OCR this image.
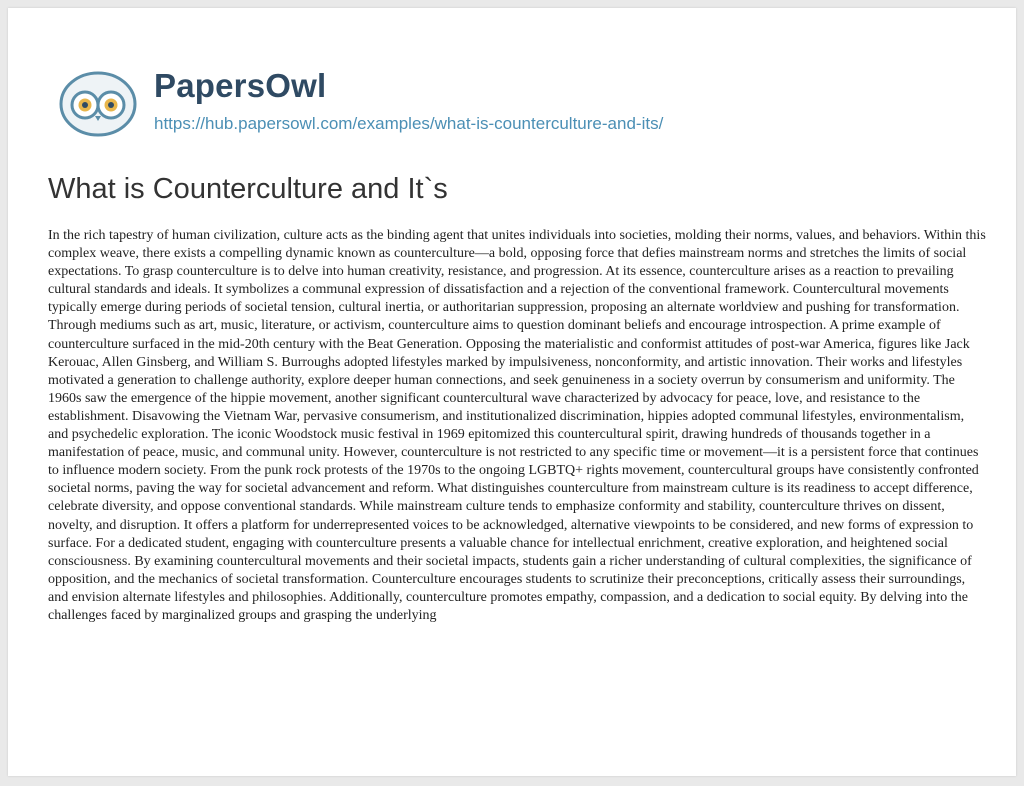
PapersOwl
https://hub.papersowl.com/examples/what-is-counterculture-and-its/
What is Counterculture and It`s

In the rich tapestry of human civilization, culture acts as the binding agent that unites individuals into societies, molding their norms, values, and behaviors. Within this complex weave, there exists a compelling dynamic known as counterculture—a bold, opposing force that defies mainstream norms and stretches the limits of social expectations. To grasp counterculture is to delve into human creativity, resistance, and progression. At its essence, counterculture arises as a reaction to prevailing cultural standards and ideals. It symbolizes a communal expression of dissatisfaction and a rejection of the conventional framework. Countercultural movements typically emerge during periods of societal tension, cultural inertia, or authoritarian suppression, proposing an alternate worldview and pushing for transformation. Through mediums such as art, music, literature, or activism, counterculture aims to question dominant beliefs and encourage introspection. A prime example of counterculture surfaced in the mid-20th century with the Beat Generation. Opposing the materialistic and conformist attitudes of post-war America, figures like Jack Kerouac, Allen Ginsberg, and William S. Burroughs adopted lifestyles marked by impulsiveness, nonconformity, and artistic innovation. Their works and lifestyles motivated a generation to challenge authority, explore deeper human connections, and seek genuineness in a society overrun by consumerism and uniformity. The 1960s saw the emergence of the hippie movement, another significant countercultural wave characterized by advocacy for peace, love, and resistance to the establishment. Disavowing the Vietnam War, pervasive consumerism, and institutionalized discrimination, hippies adopted communal lifestyles, environmentalism, and psychedelic exploration. The iconic Woodstock music festival in 1969 epitomized this countercultural spirit, drawing hundreds of thousands together in a manifestation of peace, music, and communal unity. However, counterculture is not restricted to any specific time or movement—it is a persistent force that continues to influence modern society. From the punk rock protests of the 1970s to the ongoing LGBTQ+ rights movement, countercultural groups have consistently confronted societal norms, paving the way for societal advancement and reform. What distinguishes counterculture from mainstream culture is its readiness to accept difference, celebrate diversity, and oppose conventional standards. While mainstream culture tends to emphasize conformity and stability, counterculture thrives on dissent, novelty, and disruption. It offers a platform for underrepresented voices to be acknowledged, alternative viewpoints to be considered, and new forms of expression to surface. For a dedicated student, engaging with counterculture presents a valuable chance for intellectual enrichment, creative exploration, and heightened social consciousness. By examining countercultural movements and their societal impacts, students gain a richer understanding of cultural complexities, the significance of opposition, and the mechanics of societal transformation. Counterculture encourages students to scrutinize their preconceptions, critically assess their surroundings, and envision alternate lifestyles and philosophies. Additionally, counterculture promotes empathy, compassion, and a dedication to social equity. By delving into the challenges faced by marginalized groups and grasping the underlying
